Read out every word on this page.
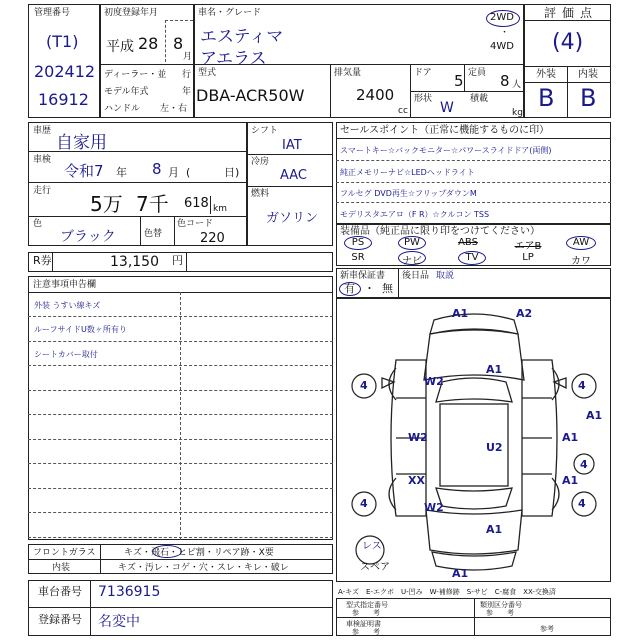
管理番号
(T1)
202412
16912
初度登録年月
平成 28 8
月
ディーラー・並 行
モデル年式	年
ハンドル 左・右
車名・グレード
エスティマ
アエラス
2WD
・
4WD
型式
DBA-ACR50W
排気量
2400
cc
ドア 5 定員 8 人
形状
W
積載
kg
評価点
(4)
外装 内装
B B
車歴
自家用
車検
令和7 年 8 月 (	日)
走行
5万 7千 618 km
色
ブラック	色替
色コード
220
シフト
IAT
冷房
AAC
燃料
ガソリン
R券	13,150 円
セールスポイント（正常に機能するものに印）
スマートキー☆バックモニター☆パワースライドドア(両側)
純正メモリーナビ☆LEDヘッドライト
フルセグ DVD再生☆フリップダウンM
モデリスタエアロ（F R）☆クルコン TSS
装備品（純正品に限り印をつけてください）
PS	PW	ABS	エアB	AW
SR	ナビ	TV	LP	カワ
新車保証書
有 ・ 無
後日品 取説
注意事項申告欄
外装 うすい線キズ
ルーフサイドU数ヶ所有り
シートカバー取付
A1	A2
A1
4	W2	4
A1
W2	A1
U2
4
XX	A1
4	W2	4
A1
A1
レス
スペア
フロントガラス	キズ・飛石・ヒビ割・リペア跡・X要
内装	キズ・汚レ・コゲ・穴・スレ・キレ・破レ
車台番号 7136915
登録番号 名変中
A-キズ　E-エクボ　U-凹み　W-補修跡　S-サビ　C-腐食　XX-交換済
型式指定番号
参　　考
類別区分番号
参　　考
車検証明書
参　　考	参考
